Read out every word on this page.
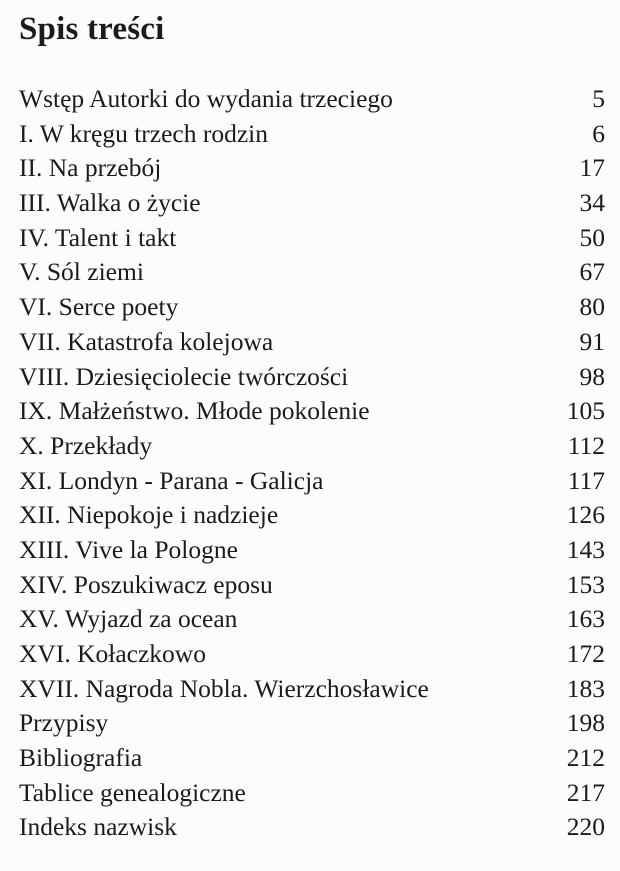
Spis treści
Wstęp Autorki do wydania trzeciego	5
I. W kręgu trzech rodzin	6
II. Na przebój	17
III. Walka o życie	34
IV. Talent i takt	50
V. Sól ziemi	67
VI. Serce poety	80
VII. Katastrofa kolejowa	91
VIII. Dziesięciolecie twórczości	98
IX. Małżeństwo. Młode pokolenie	105
X. Przekłady	112
XI. Londyn - Parana - Galicja	117
XII. Niepokoje i nadzieje	126
XIII. Vive la Pologne	143
XIV. Poszukiwacz eposu	153
XV. Wyjazd za ocean	163
XVI. Kołaczkowo	172
XVII. Nagroda Nobla. Wierzchosławice	183
Przypisy	198
Bibliografia	212
Tablice genealogiczne	217
Indeks nazwisk	220
